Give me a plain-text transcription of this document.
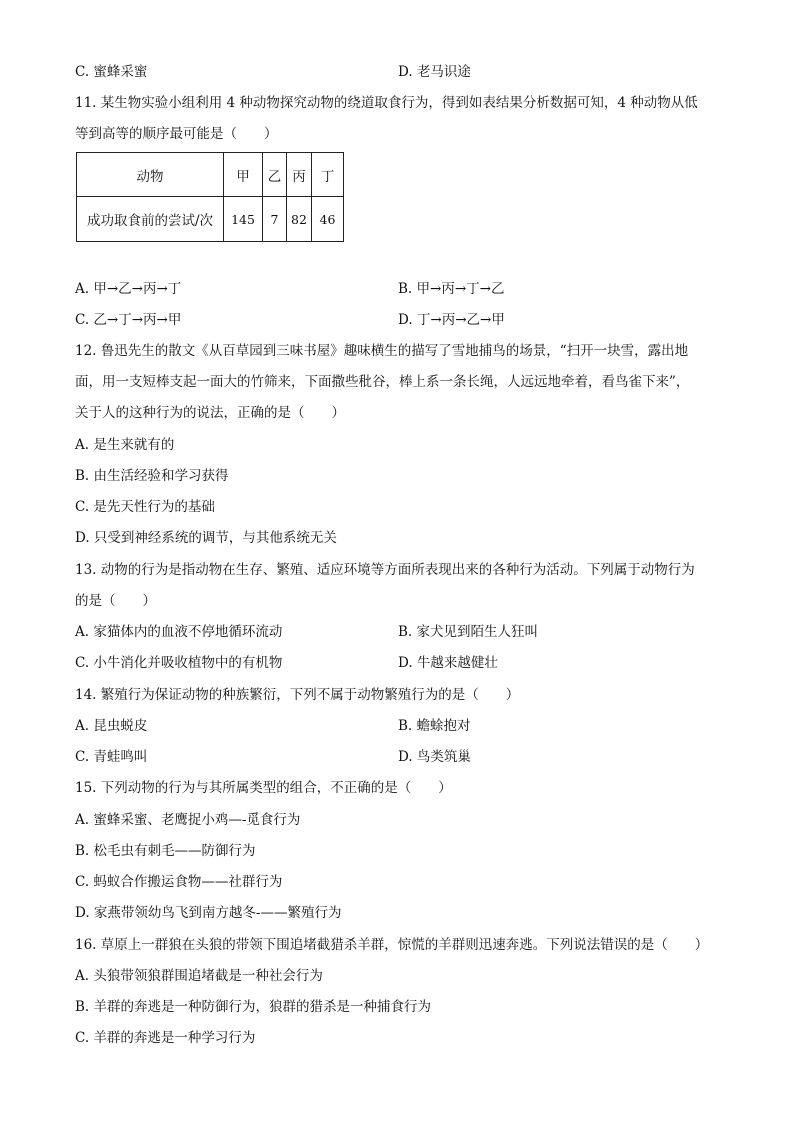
C. 蜜蜂采蜜	D. 老马识途
11. 某生物实验小组利用 4 种动物探究动物的绕道取食行为，得到如表结果分析数据可知，4 种动物从低
等到高等的顺序最可能是（　　）
动物	甲	乙	丙	丁
成功取食前的尝试/次	145	7	82	46
A. 甲→乙→丙→丁	B. 甲→丙→丁→乙
C. 乙→丁→丙→甲	D. 丁→丙→乙→甲
12. 鲁迅先生的散文《从百草园到三味书屋》趣味横生的描写了雪地捕鸟的场景，“扫开一块雪，露出地
面，用一支短棒支起一面大的竹筛来，下面撒些秕谷，棒上系一条长绳，人远远地牵着，看鸟雀下来”，
关于人的这种行为的说法，正确的是（　　）
A. 是生来就有的
B. 由生活经验和学习获得
C. 是先天性行为的基础
D. 只受到神经系统的调节，与其他系统无关
13. 动物的行为是指动物在生存、繁殖、适应环境等方面所表现出来的各种行为活动。下列属于动物行为
的是（　　）
A. 家猫体内的血液不停地循环流动	B. 家犬见到陌生人狂叫
C. 小牛消化并吸收植物中的有机物	D. 牛越来越健壮
14. 繁殖行为保证动物的种族繁衍，下列不属于动物繁殖行为的是（　　）
A. 昆虫蜕皮	B. 蟾蜍抱对
C. 青蛙鸣叫	D. 鸟类筑巢
15. 下列动物的行为与其所属类型的组合，不正确的是（　　）
A. 蜜蜂采蜜、老鹰捉小鸡—-觅食行为
B. 松毛虫有刺毛——防御行为
C. 蚂蚁合作搬运食物——社群行为
D. 家燕带领幼鸟飞到南方越冬-——繁殖行为
16. 草原上一群狼在头狼的带领下围追堵截猎杀羊群，惊慌的羊群则迅速奔逃。下列说法错误的是（　　）
A. 头狼带领狼群围追堵截是一种社会行为
B. 羊群的奔逃是一种防御行为，狼群的猎杀是一种捕食行为
C. 羊群的奔逃是一种学习行为
